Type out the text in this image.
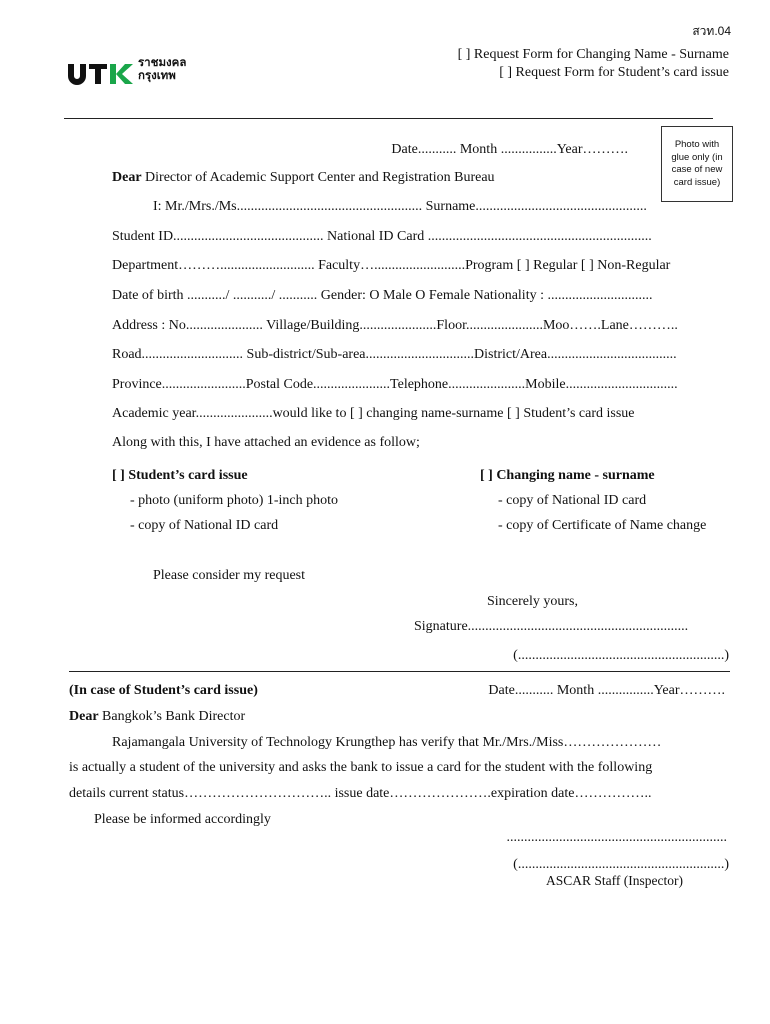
สวท.04
[ ] Request Form for Changing Name - Surname
[ ] Request Form for Student’s card issue
ราชมงคล
กรุงเทพ
Photo with glue only (in case of new card issue)
Date........... Month ................Year……….
Dear Director of Academic Support Center and Registration Bureau
I: Mr./Mrs./Ms..................................................... Surname.................................................
Student ID........................................... National ID Card ................................................................
Department………........................... Faculty…..........................Program [ ] Regular [ ] Non-Regular
Date of birth .........../ .........../ ........... Gender: O Male O Female Nationality : ..............................
Address : No...................... Village/Building......................Floor......................Moo…….Lane………..
Road............................. Sub-district/Sub-area...............................District/Area.....................................
Province........................Postal Code......................Telephone......................Mobile................................
Academic year......................would like to [ ] changing name-surname [ ] Student’s card issue
Along with this, I have attached an evidence as follow;
[ ] Student’s card issue
- photo (uniform photo) 1-inch photo
- copy of National ID card
[ ] Changing name - surname
- copy of National ID card
- copy of Certificate of Name change
Please consider my request
Sincerely yours,
Signature...............................................................
(...........................................................)
(In case of Student’s card issue)	Date........... Month ................Year……….
Dear Bangkok’s Bank Director
Rajamangala University of Technology Krungthep has verify that Mr./Mrs./Miss…………………
is actually a student of the university and asks the bank to issue a card for the student with the following
details current status………………………….. issue date………………….expiration date……………..
Please be informed accordingly
...............................................................
(...........................................................)
ASCAR Staff (Inspector)
